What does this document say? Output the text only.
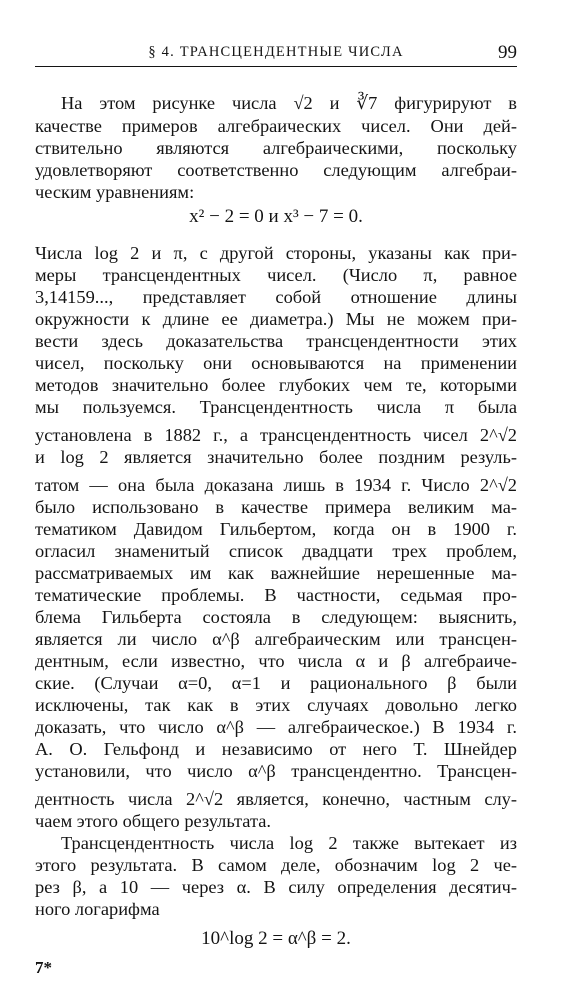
§ 4. ТРАНСЦЕНДЕНТНЫЕ ЧИСЛА	99
На этом рисунке числа √2 и ∛7 фигурируют в
качестве примеров алгебраических чисел. Они дей-
ствительно являются алгебраическими, поскольку
удовлетворяют соответственно следующим алгебраи-
ческим уравнениям:
x² − 2 = 0 и x³ − 7 = 0.
Числа log 2 и π, с другой стороны, указаны как при-
меры трансцендентных чисел. (Число π, равное
3,14159..., представляет собой отношение длины
окружности к длине ее диаметра.) Мы не можем при-
вести здесь доказательства трансцендентности этих
чисел, поскольку они основываются на применении
методов значительно более глубоких чем те, которыми
мы пользуемся. Трансцендентность числа π была
установлена в 1882 г., а трансцендентность чисел 2^√2
и log 2 является значительно более поздним резуль-
татом — она была доказана лишь в 1934 г. Число 2^√2
было использовано в качестве примера великим ма-
тематиком Давидом Гильбертом, когда он в 1900 г.
огласил знаменитый список двадцати трех проблем,
рассматриваемых им как важнейшие нерешенные ма-
тематические проблемы. В частности, седьмая про-
блема Гильберта состояла в следующем: выяснить,
является ли число α^β алгебраическим или трансцен-
дентным, если известно, что числа α и β алгебраиче-
ские. (Случаи α=0, α=1 и рационального β были
исключены, так как в этих случаях довольно легко
доказать, что число α^β — алгебраическое.) В 1934 г.
А. О. Гельфонд и независимо от него Т. Шнейдер
установили, что число α^β трансцендентно. Трансцен-
дентность числа 2^√2 является, конечно, частным слу-
чаем этого общего результата.
Трансцендентность числа log 2 также вытекает из
этого результата. В самом деле, обозначим log 2 че-
рез β, а 10 — через α. В силу определения десятич-
ного логарифма
10^log 2 = α^β = 2.
7*
